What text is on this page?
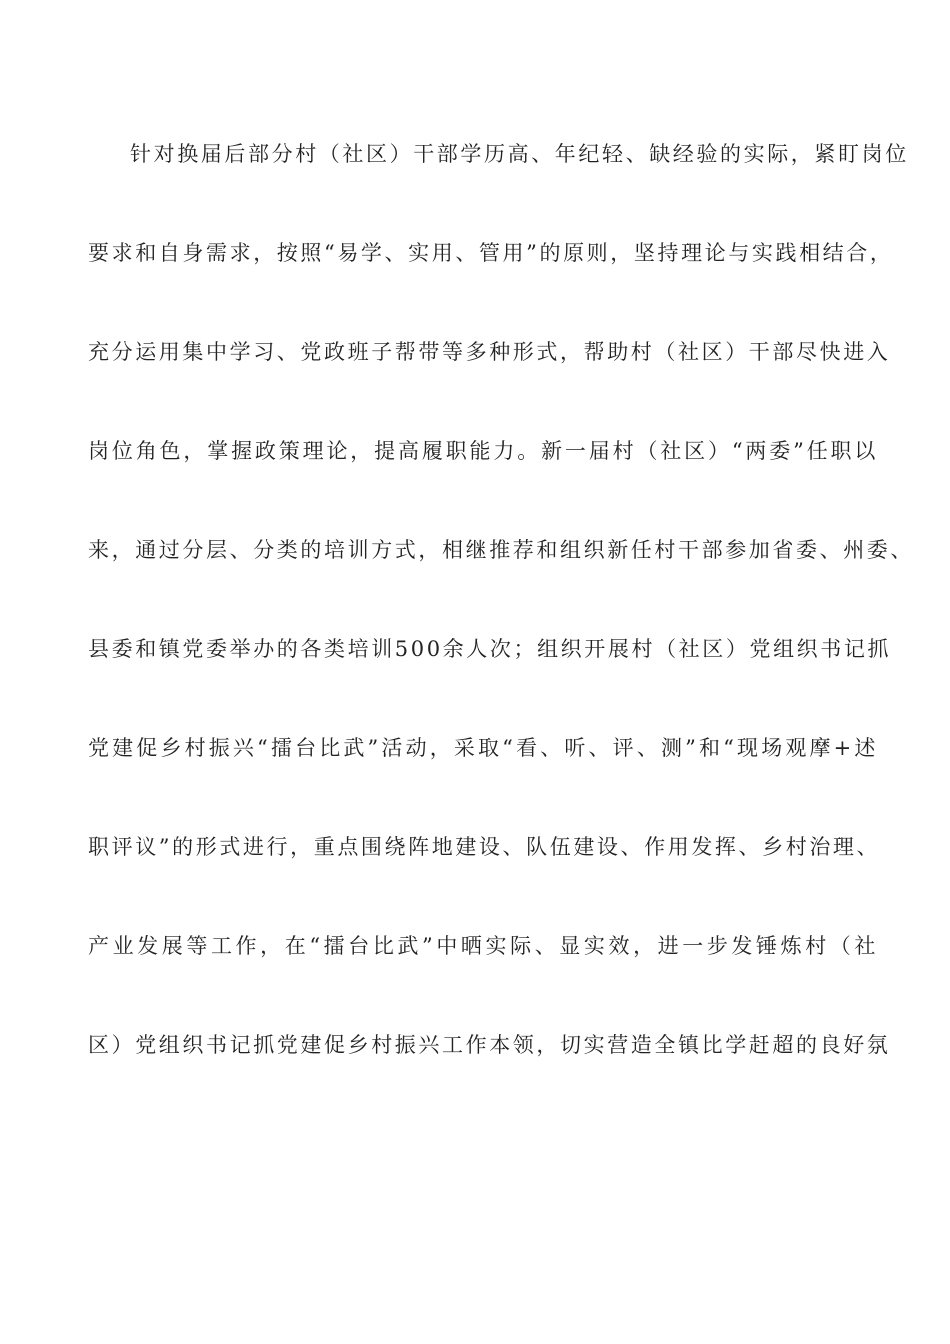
针对换届后部分村（社区）干部学历高、年纪轻、缺经验的实际，紧盯岗位
要求和自身需求，按照“易学、实用、管用”的原则，坚持理论与实践相结合，
充分运用集中学习、党政班子帮带等多种形式，帮助村（社区）干部尽快进入
岗位角色，掌握政策理论，提高履职能力。新一届村（社区）“两委”任职以
来，通过分层、分类的培训方式，相继推荐和组织新任村干部参加省委、州委、
县委和镇党委举办的各类培训500余人次；组织开展村（社区）党组织书记抓
党建促乡村振兴“擂台比武”活动，采取“看、听、评、测”和“现场观摩+述
职评议”的形式进行，重点围绕阵地建设、队伍建设、作用发挥、乡村治理、
产业发展等工作，在“擂台比武”中晒实际、显实效，进一步发锤炼村（社
区）党组织书记抓党建促乡村振兴工作本领，切实营造全镇比学赶超的良好氛
